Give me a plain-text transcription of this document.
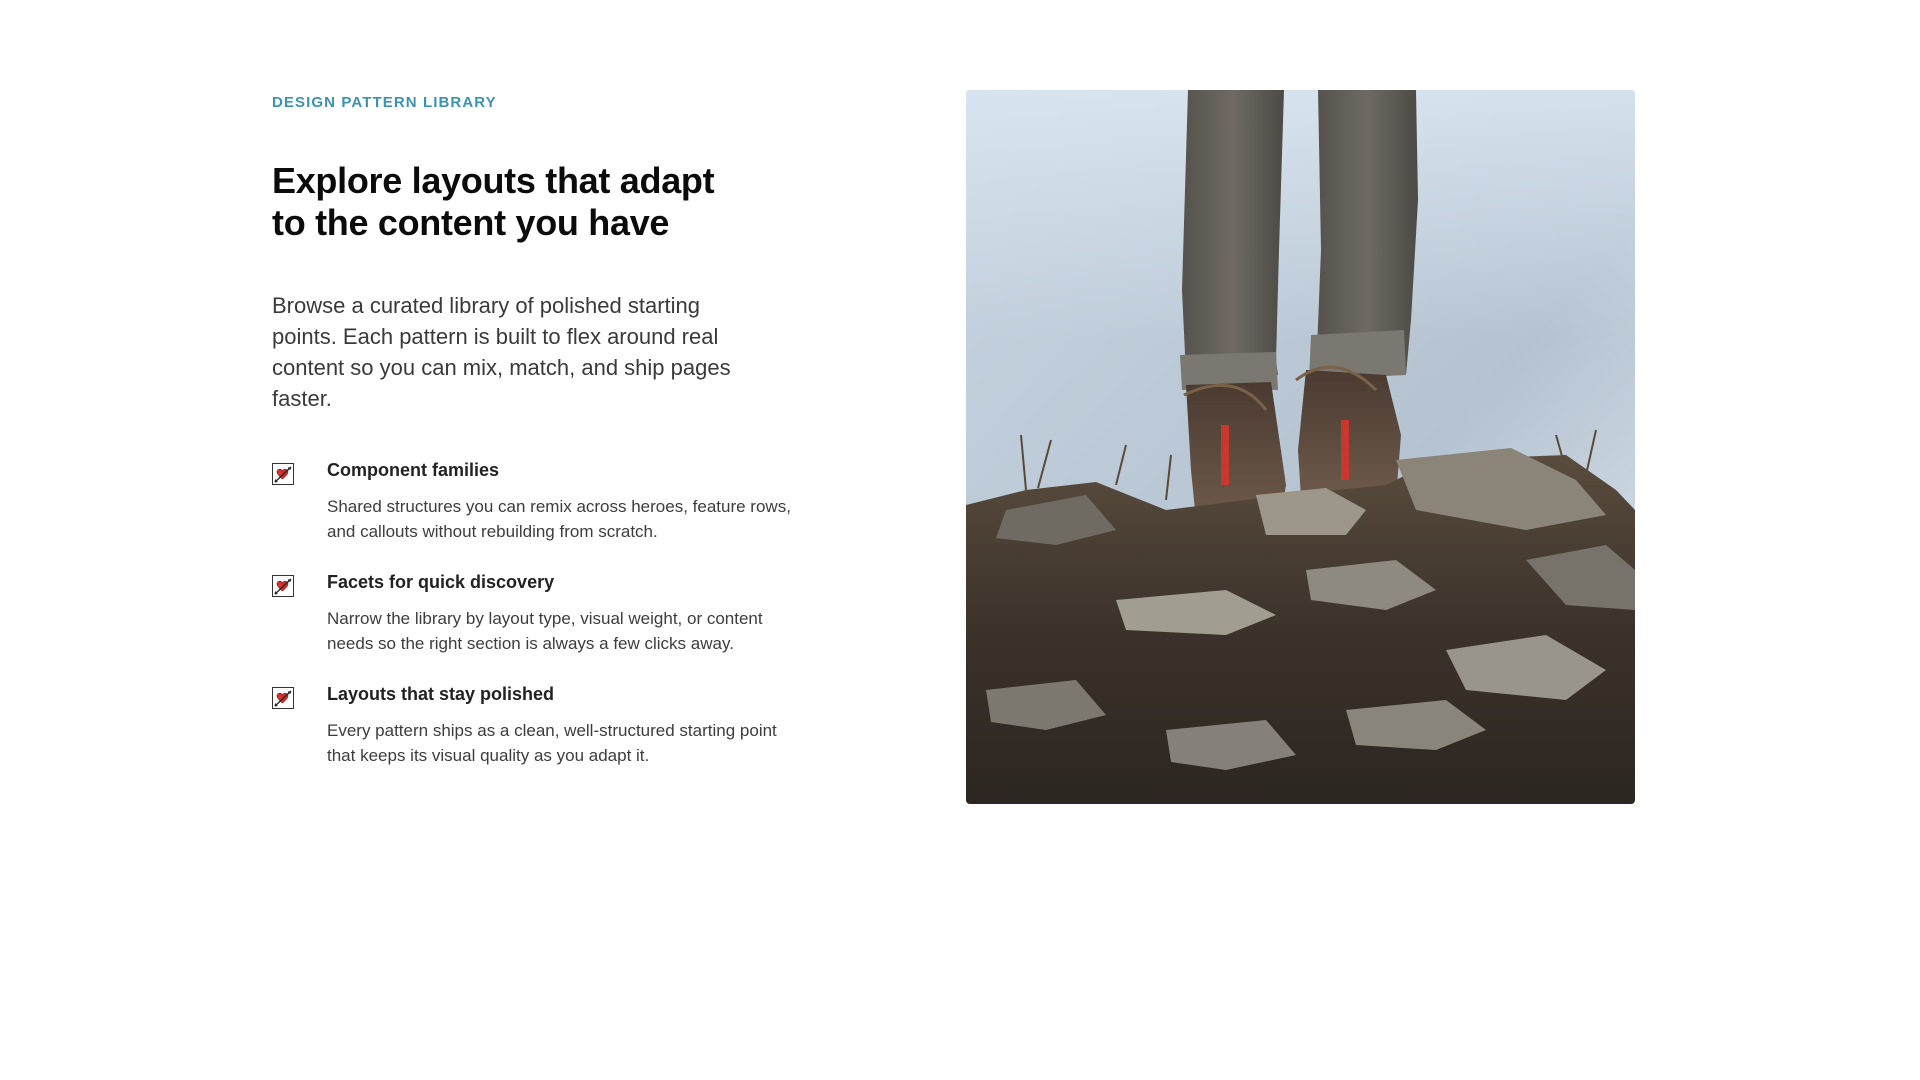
DESIGN PATTERN LIBRARY
Explore layouts that adapt to the content you have

Browse a curated library of polished starting points. Each pattern is built to flex around real content so you can mix, match, and ship pages faster.

Component families

Shared structures you can remix across heroes, feature rows, and callouts without rebuilding from scratch.

Facets for quick discovery

Narrow the library by layout type, visual weight, or content needs so the right section is always a few clicks away.

Layouts that stay polished

Every pattern ships as a clean, well-structured starting point that keeps its visual quality as you adapt it.
